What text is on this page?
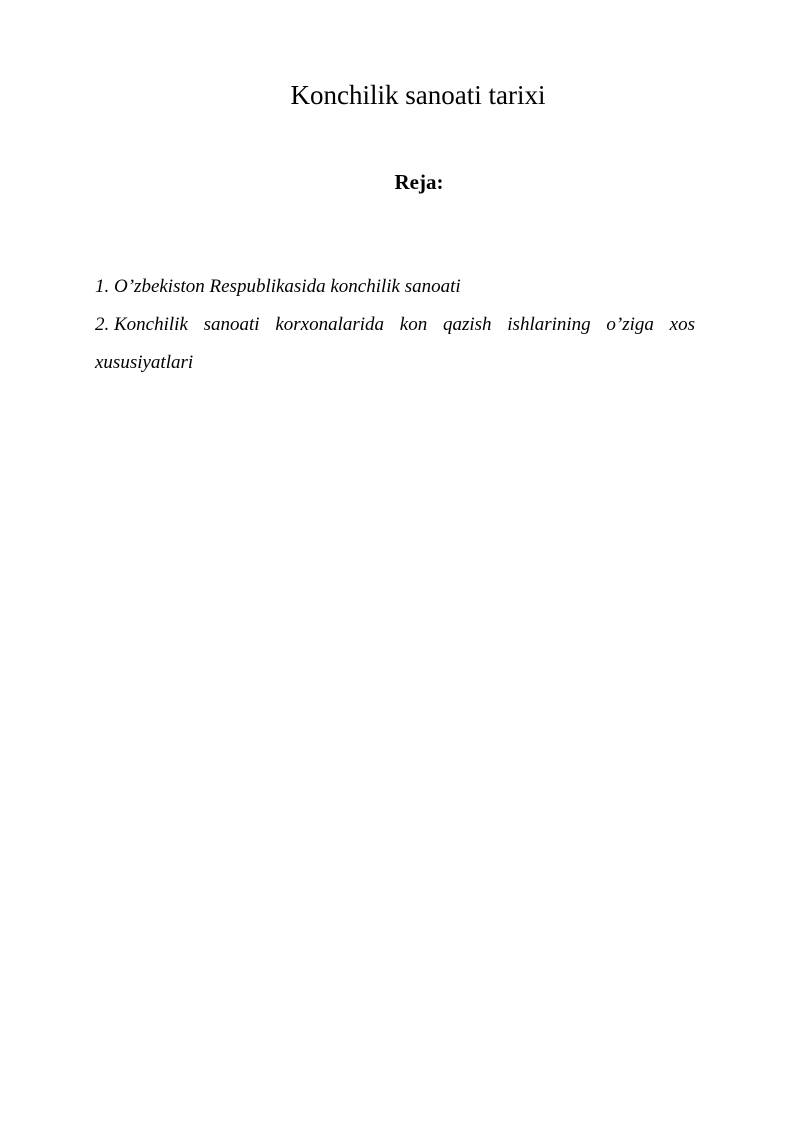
Konchilik sanoati tarixi
Reja:
1. O’zbekiston Respublikasida konchilik sanoati
2. Konchilik sanoati korxonalarida kon qazish ishlarining o’ziga xos xususiyatlari
